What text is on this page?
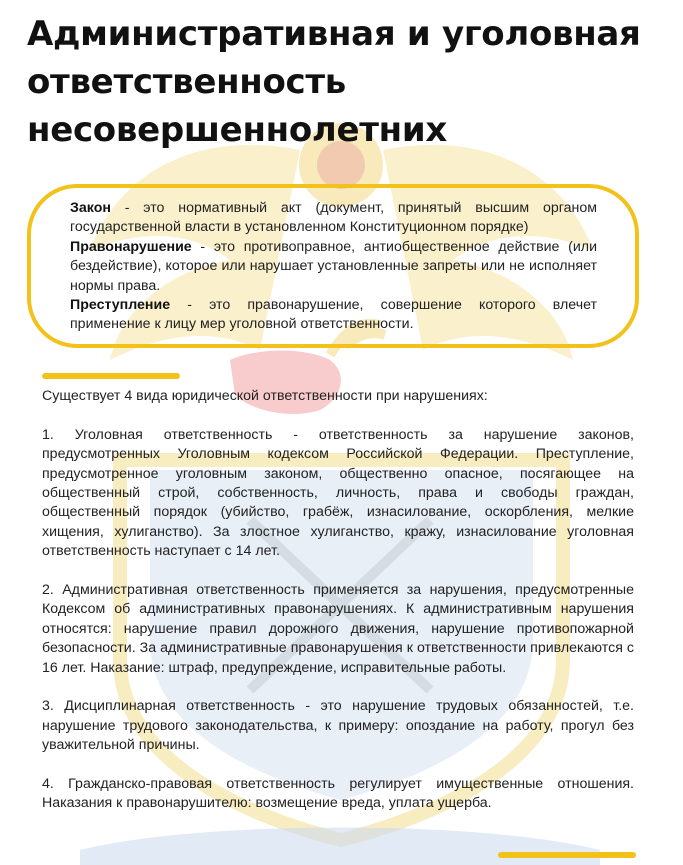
Административная и уголовная ответственность несовершеннолетних

Закон - это нормативный акт (документ, принятый высшим органом государственной власти в установленном Конституционном порядке)

Правонарушение - это противоправное, антиобщественное действие (или бездействие), которое или нарушает установленные запреты или не исполняет нормы права.

Преступление - это правонарушение, совершение которого влечет применение к лицу мер уголовной ответственности.

Существует 4 вида юридической ответственности при нарушениях:

1. Уголовная ответственность - ответственность за нарушение законов, предусмотренных Уголовным кодексом Российской Федерации. Преступление, предусмотренное уголовным законом, общественно опасное, посягающее на общественный строй, собственность, личность, права и свободы граждан, общественный порядок (убийство, грабёж, изнасилование, оскорбления, мелкие хищения, хулиганство). За злостное хулиганство, кражу, изнасилование уголовная ответственность наступает с 14 лет.

2. Административная ответственность применяется за нарушения, предусмотренные Кодексом об административных правонарушениях. К административным нарушения относятся: нарушение правил дорожного движения, нарушение противопожарной безопасности. За административные правонарушения к ответственности привлекаются с 16 лет. Наказание: штраф, предупреждение, исправительные работы.

3. Дисциплинарная ответственность - это нарушение трудовых обязанностей, т.е. нарушение трудового законодательства, к примеру: опоздание на работу, прогул без уважительной причины.

4. Гражданско-правовая ответственность регулирует имущественные отношения. Наказания к правонарушителю: возмещение вреда, уплата ущерба.
